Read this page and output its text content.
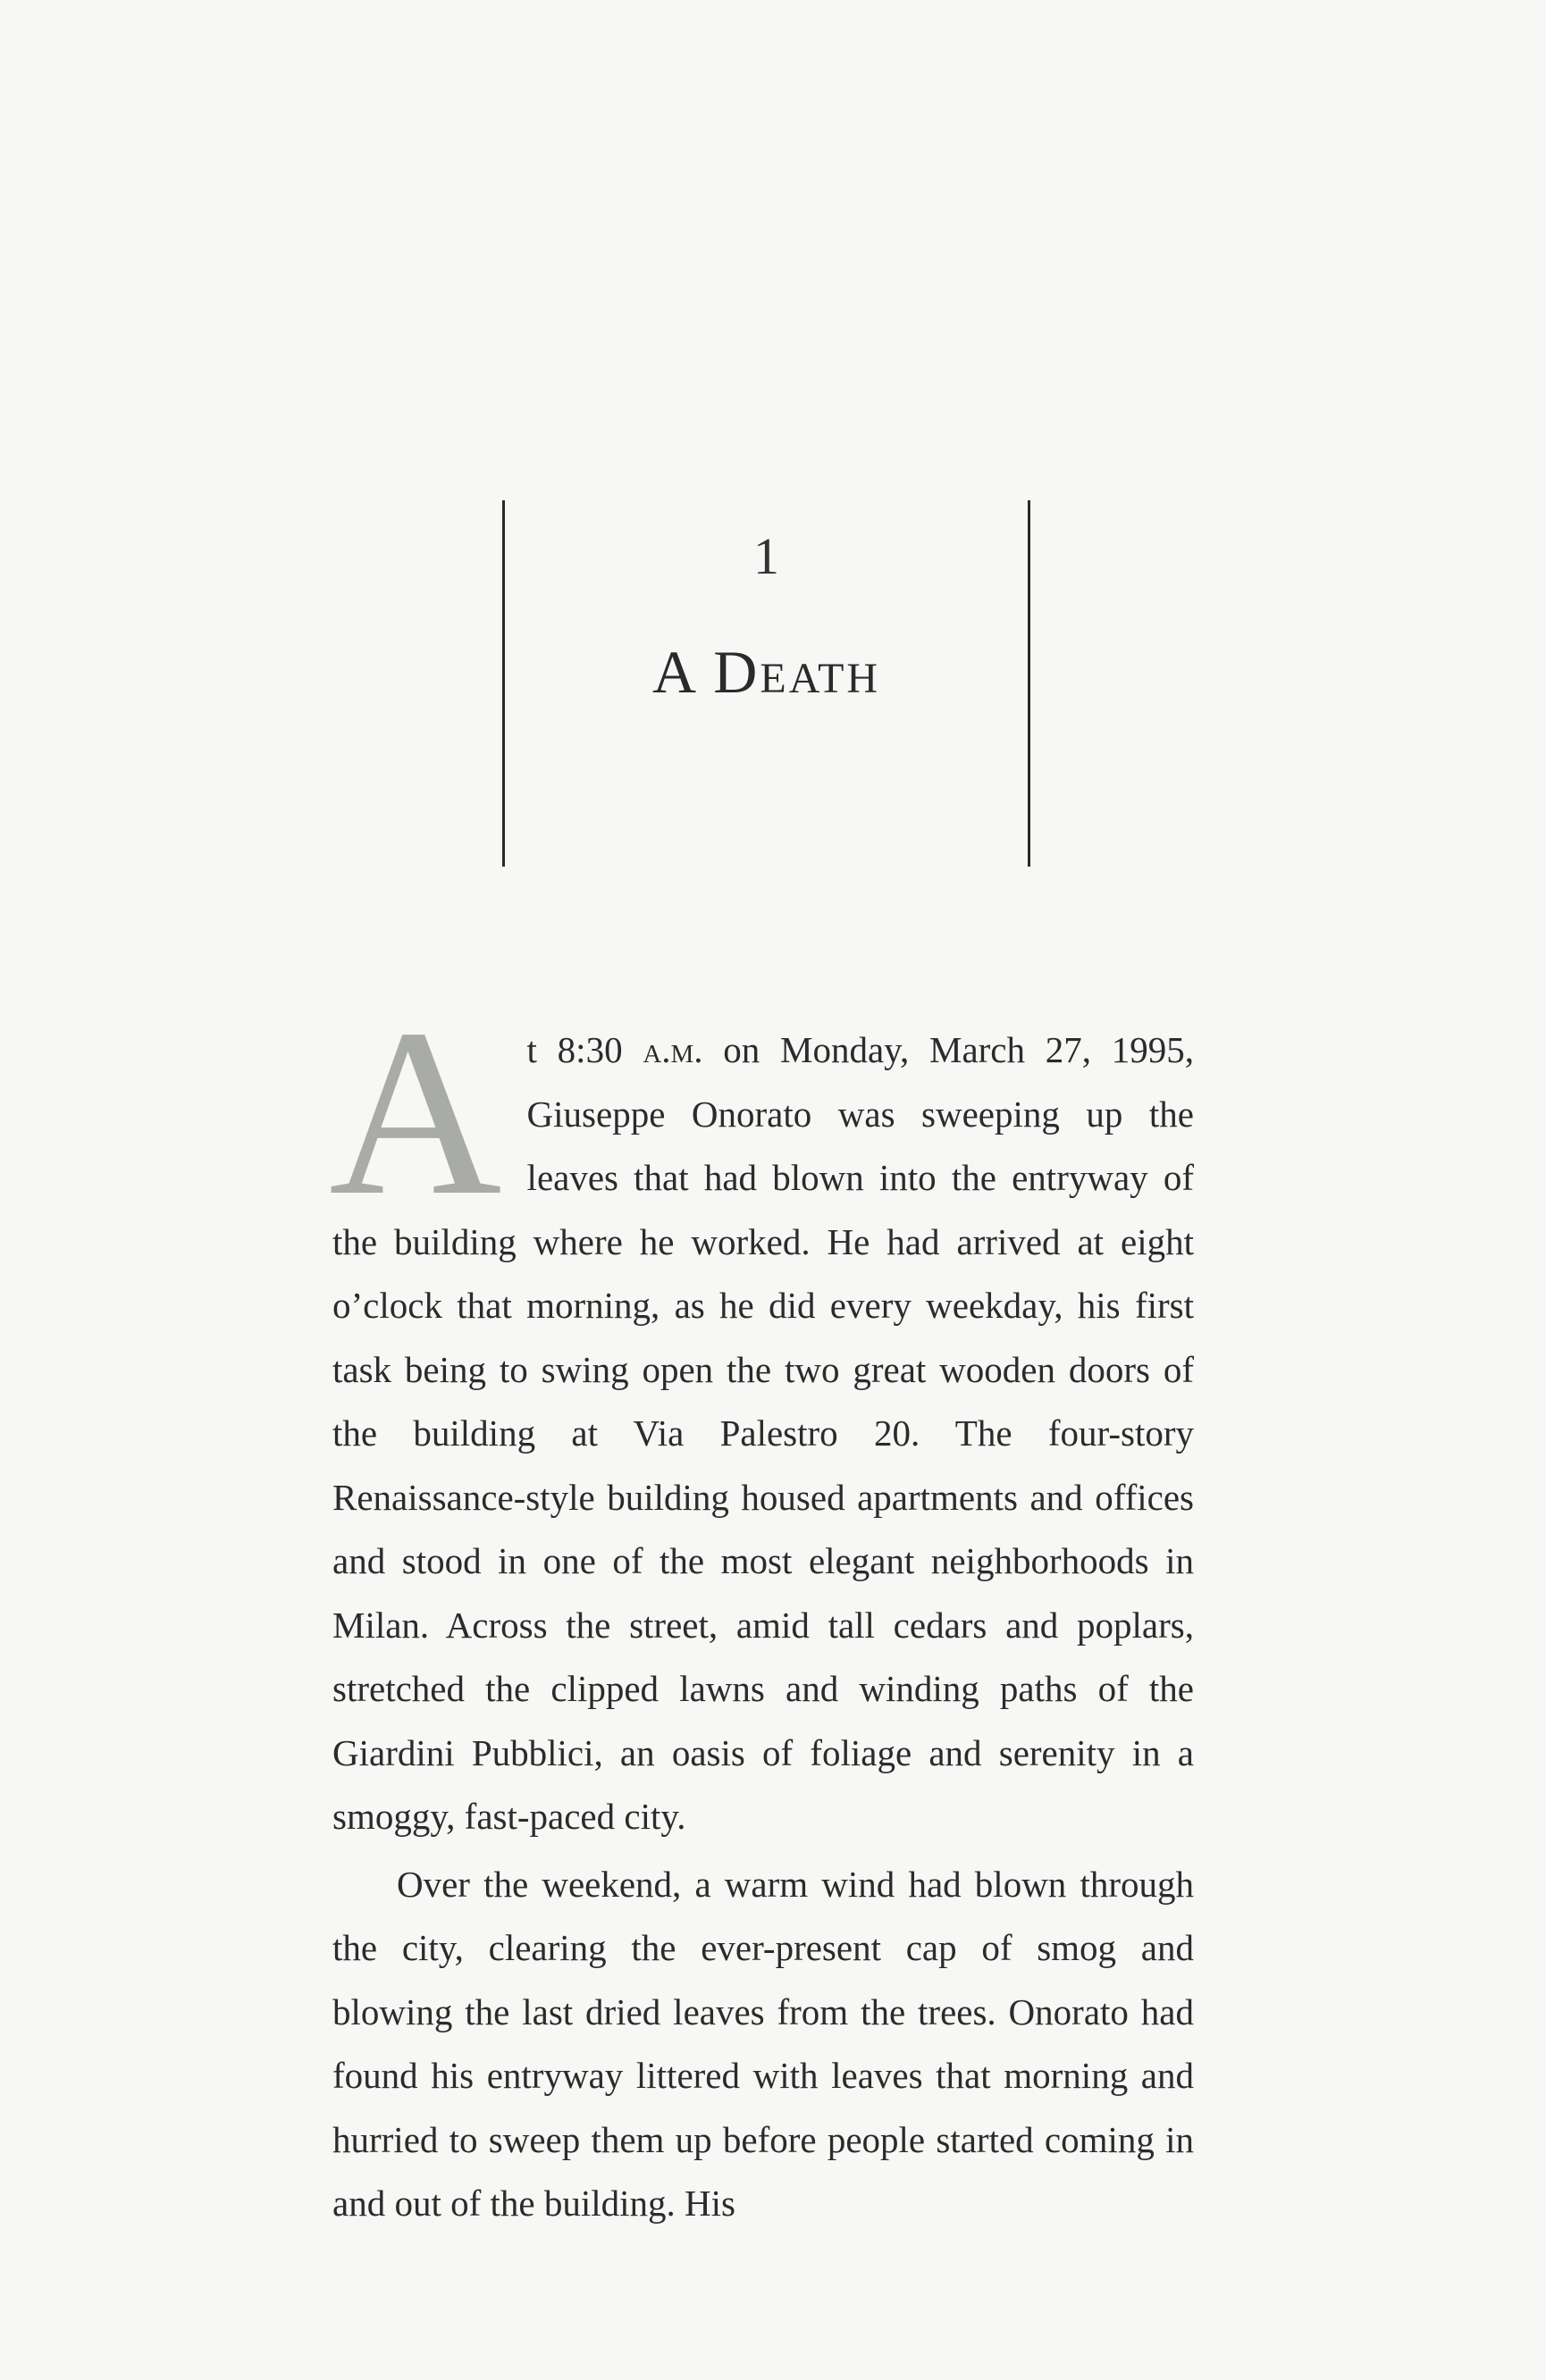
1
A Death

At 8:30 a.m. on Monday, March 27, 1995, Giuseppe Onorato was sweeping up the leaves that had blown into the entryway of the building where he worked. He had arrived at eight o’clock that morning, as he did every weekday, his first task being to swing open the two great wooden doors of the building at Via Palestro 20. The four-story Renaissance-style building housed apartments and offices and stood in one of the most elegant neighborhoods in Milan. Across the street, amid tall cedars and poplars, stretched the clipped lawns and winding paths of the Giardini Pubblici, an oasis of foliage and serenity in a smoggy, fast-paced city.

Over the weekend, a warm wind had blown through the city, clearing the ever-present cap of smog and blowing the last dried leaves from the trees. Onorato had found his entryway littered with leaves that morning and hurried to sweep them up before people started coming in and out of the building. His
